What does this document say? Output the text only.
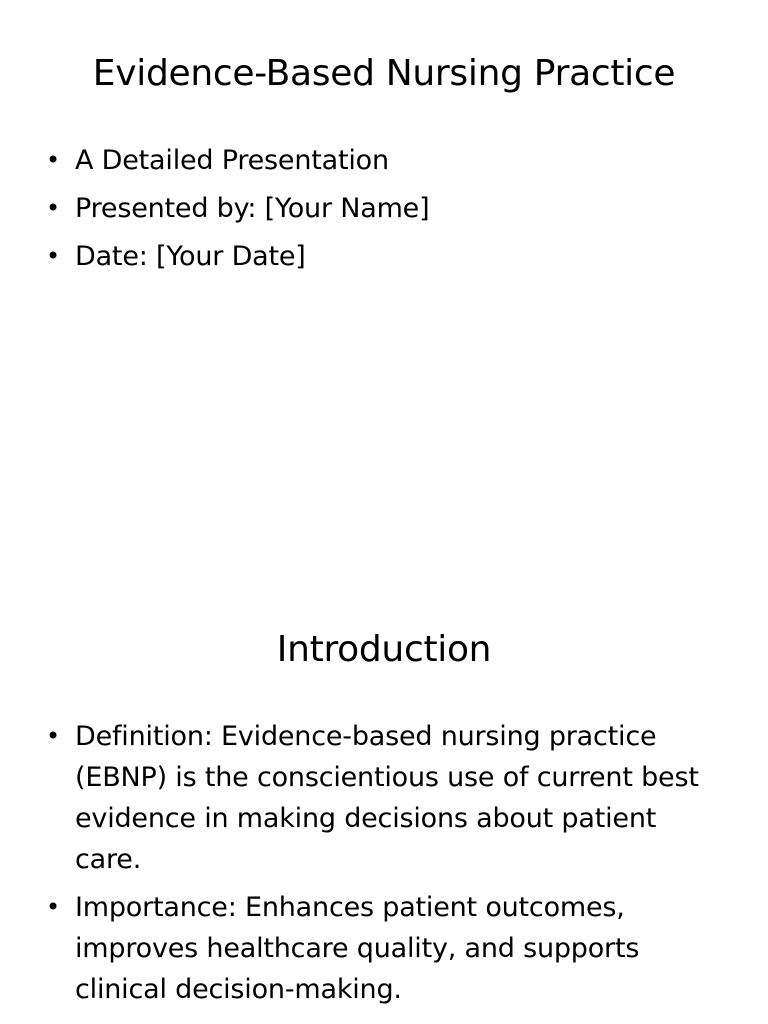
Evidence-Based Nursing Practice
• A Detailed Presentation
• Presented by: [Your Name]
• Date: [Your Date]
Introduction
• Definition: Evidence-based nursing practice (EBNP) is the conscientious use of current best evidence in making decisions about patient care.
• Importance: Enhances patient outcomes, improves healthcare quality, and supports clinical decision-making.
